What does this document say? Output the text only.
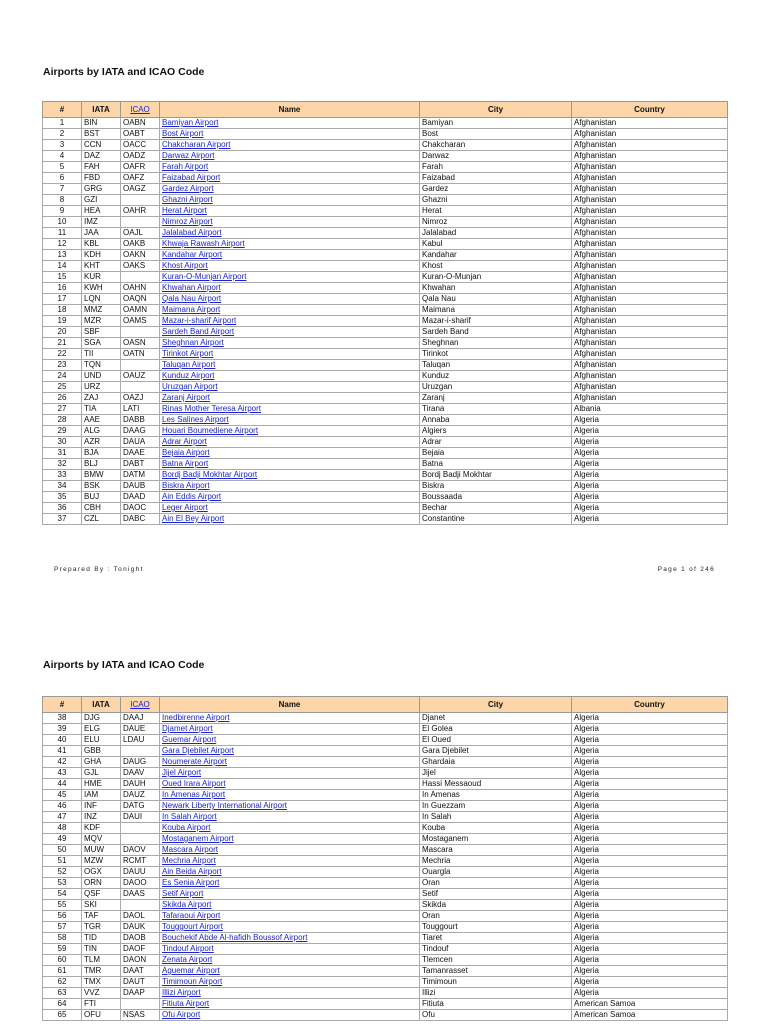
Airports by IATA and ICAO Code
#	IATA	ICAO	Name	City	Country
1	BIN	OABN	Bamiyan Airport	Bamiyan	Afghanistan
2	BST	OABT	Bost Airport	Bost	Afghanistan
3	CCN	OACC	Chakcharan Airport	Chakcharan	Afghanistan
4	DAZ	OADZ	Darwaz Airport	Darwaz	Afghanistan
5	FAH	OAFR	Farah Airport	Farah	Afghanistan
6	FBD	OAFZ	Faizabad Airport	Faizabad	Afghanistan
7	GRG	OAGZ	Gardez Airport	Gardez	Afghanistan
8	GZI		Ghazni Airport	Ghazni	Afghanistan
9	HEA	OAHR	Herat Airport	Herat	Afghanistan
10	IMZ		Nimroz Airport	Nimroz	Afghanistan
11	JAA	OAJL	Jalalabad Airport	Jalalabad	Afghanistan
12	KBL	OAKB	Khwaja Rawash Airport	Kabul	Afghanistan
13	KDH	OAKN	Kandahar Airport	Kandahar	Afghanistan
14	KHT	OAKS	Khost Airport	Khost	Afghanistan
15	KUR		Kuran-O-Munjan Airport	Kuran-O-Munjan	Afghanistan
16	KWH	OAHN	Khwahan Airport	Khwahan	Afghanistan
17	LQN	OAQN	Qala Nau Airport	Qala Nau	Afghanistan
18	MMZ	OAMN	Maimana Airport	Maimana	Afghanistan
19	MZR	OAMS	Mazar-i-sharif Airport	Mazar-i-sharif	Afghanistan
20	SBF		Sardeh Band Airport	Sardeh Band	Afghanistan
21	SGA	OASN	Sheghnan Airport	Sheghnan	Afghanistan
22	TII	OATN	Tirinkot Airport	Tirinkot	Afghanistan
23	TQN		Taluqan Airport	Taluqan	Afghanistan
24	UND	OAUZ	Kunduz Airport	Kunduz	Afghanistan
25	URZ		Uruzgan Airport	Uruzgan	Afghanistan
26	ZAJ	OAZJ	Zaranj Airport	Zaranj	Afghanistan
27	TIA	LATI	Rinas Mother Teresa Airport	Tirana	Albania
28	AAE	DABB	Les Salines Airport	Annaba	Algeria
29	ALG	DAAG	Houari Boumediene Airport	Algiers	Algeria
30	AZR	DAUA	Adrar Airport	Adrar	Algeria
31	BJA	DAAE	Bejaia Airport	Bejaia	Algeria
32	BLJ	DABT	Batna Airport	Batna	Algeria
33	BMW	DATM	Bordj Badji Mokhtar Airport	Bordj Badji Mokhtar	Algeria
34	BSK	DAUB	Biskra Airport	Biskra	Algeria
35	BUJ	DAAD	Ain Eddis Airport	Boussaada	Algeria
36	CBH	DAOC	Leger Airport	Bechar	Algeria
37	CZL	DABC	Ain El Bey Airport	Constantine	Algeria
Prepared By : Tonight	Page 1 of 246
Airports by IATA and ICAO Code
#	IATA	ICAO	Name	City	Country
38	DJG	DAAJ	Inedbirenne Airport	Djanet	Algeria
39	ELG	DAUE	Djamet Airport	El Golea	Algeria
40	ELU	LDAU	Guemar Airport	El Oued	Algeria
41	GBB		Gara Djebilet Airport	Gara Djebilet	Algeria
42	GHA	DAUG	Noumerate Airport	Ghardaia	Algeria
43	GJL	DAAV	Jijel Airport	Jijel	Algeria
44	HME	DAUH	Oued Irara Airport	Hassi Messaoud	Algeria
45	IAM	DAUZ	In Amenas Airport	In Amenas	Algeria
46	INF	DATG	Newark Liberty International Airport	In Guezzam	Algeria
47	INZ	DAUI	In Salah Airport	In Salah	Algeria
48	KDF		Kouba Airport	Kouba	Algeria
49	MQV		Mostaganem Airport	Mostaganem	Algeria
50	MUW	DAOV	Mascara Airport	Mascara	Algeria
51	MZW	RCMT	Mechria Airport	Mechria	Algeria
52	OGX	DAUU	Ain Beida Airport	Ouargla	Algeria
53	ORN	DAOO	Es Senia Airport	Oran	Algeria
54	QSF	DAAS	Setif Airport	Setif	Algeria
55	SKI		Skikda Airport	Skikda	Algeria
56	TAF	DAOL	Tafaraoui Airport	Oran	Algeria
57	TGR	DAUK	Touggourt Airport	Touggourt	Algeria
58	TID	DAOB	Bouchekif Abde Al-hafidh Boussof Airport	Tiaret	Algeria
59	TIN	DAOF	Tindouf Airport	Tindouf	Algeria
60	TLM	DAON	Zenata Airport	Tlemcen	Algeria
61	TMR	DAAT	Aguemar Airport	Tamanrasset	Algeria
62	TMX	DAUT	Timimoun Airport	Timimoun	Algeria
63	VVZ	DAAP	Illizi Airport	Illizi	Algeria
64	FTI		Fitiuta Airport	Fitiuta	American Samoa
65	OFU	NSAS	Ofu Airport	Ofu	American Samoa
